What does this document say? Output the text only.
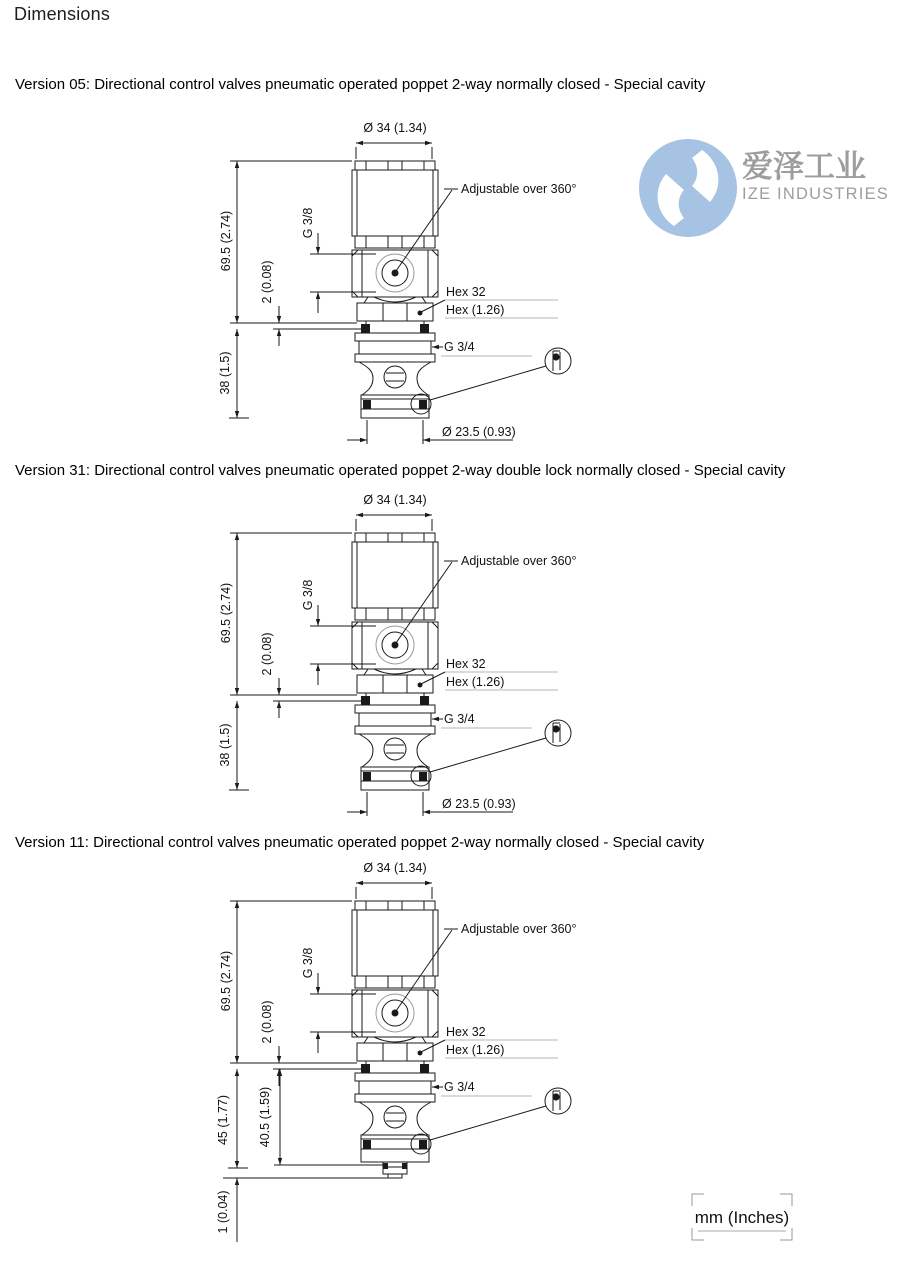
Dimensions
爱泽工业
IZE INDUSTRIES
Version 05: Directional control valves pneumatic operated poppet 2-way normally closed - Special cavity
Version 31: Directional control valves pneumatic operated poppet 2-way double lock normally closed - Special cavity
Version 11: Directional control valves pneumatic operated poppet 2-way normally closed - Special cavity
Ø 34 (1.34)
Adjustable over 360°
G 3/8
69.5 (2.74)
2 (0.08)	Hex 32
Hex (1.26)
G 3/4
38 (1.5)
Ø 23.5 (0.93)
Ø 34 (1.34)
Adjustable over 360°
G 3/8
69.5 (2.74)
2 (0.08)	Hex 32
Hex (1.26)
G 3/4
38 (1.5)
Ø 23.5 (0.93)
Ø 34 (1.34)
Adjustable over 360°
G 3/8
69.5 (2.74)
2 (0.08)	Hex 32
Hex (1.26)
G 3/4
45 (1.77) 40.5 (1.59)
1 (0.04)	mm (Inches)
